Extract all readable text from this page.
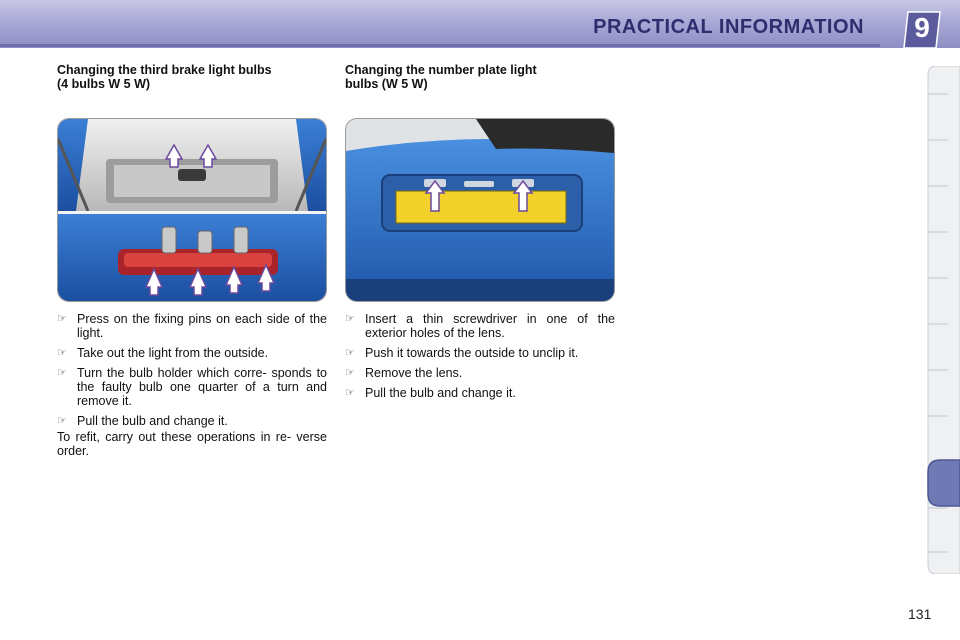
PRACTICAL INFORMATION	9
Changing the third brake light bulbs
(4 bulbs W 5 W)
Changing the number plate light
bulbs (W 5 W)
☞ Press on the fixing pins on each side of the light.
☞ Take out the light from the outside.
☞ Turn the bulb holder which corre- sponds to the faulty bulb one quarter of a turn and remove it.
☞ Pull the bulb and change it.
To refit, carry out these operations in re- verse order.
☞ Insert a thin screwdriver in one of the exterior holes of the lens.
☞ Push it towards the outside to unclip it.
☞ Remove the lens.
☞ Pull the bulb and change it.
131
